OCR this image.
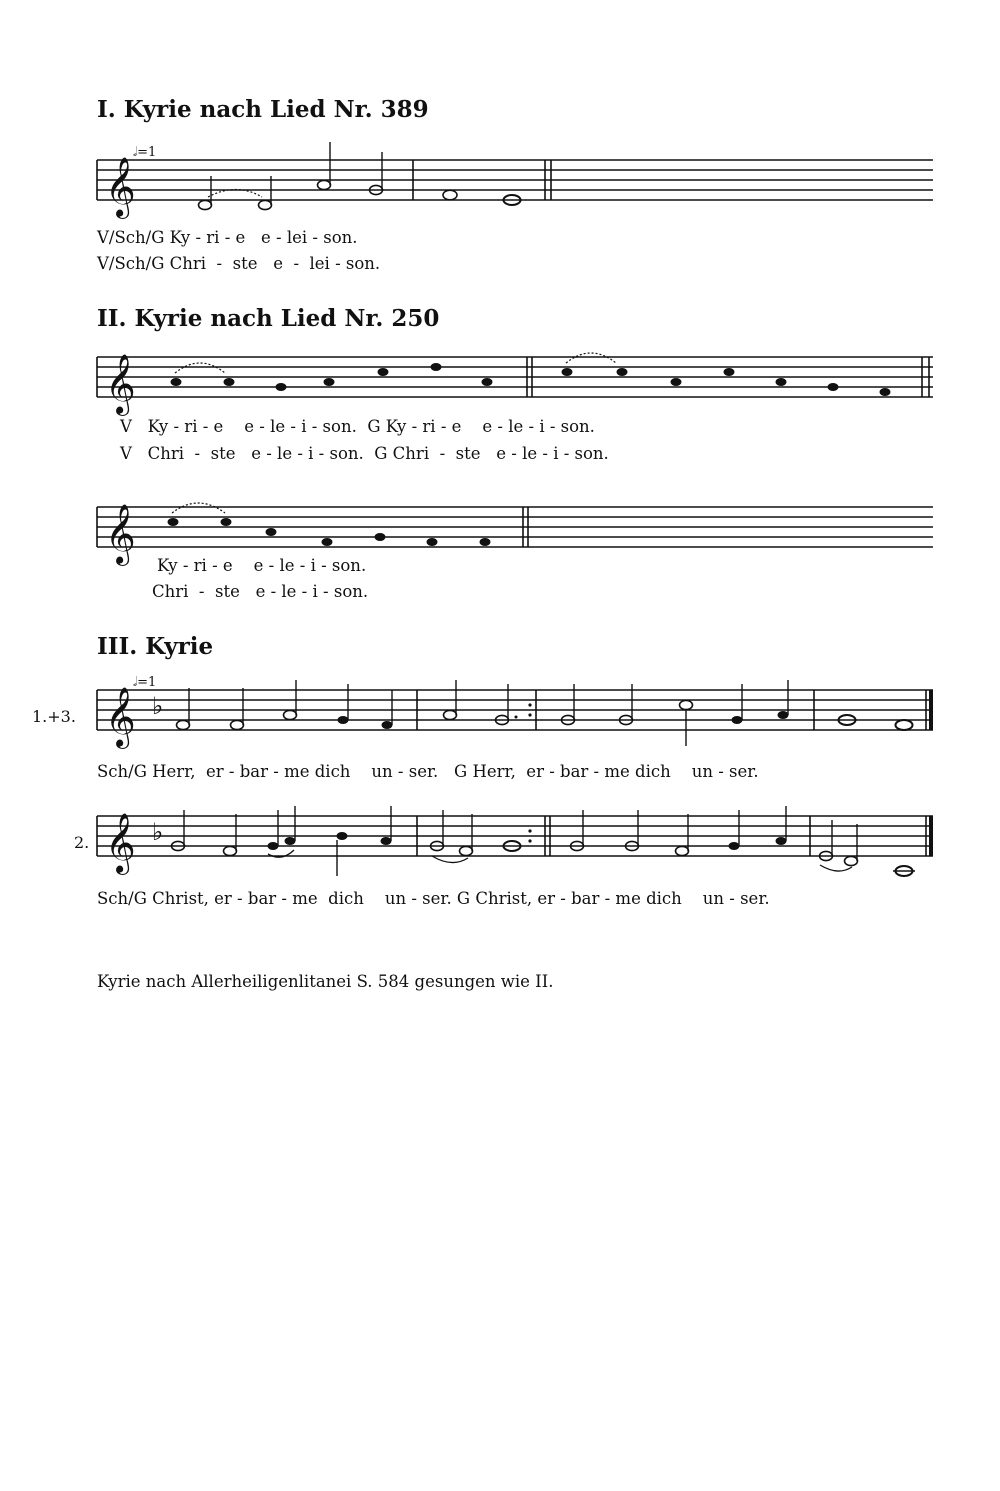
I. Kyrie nach Lied Nr. 389
𝄞
𝅗𝅥=1
V/Sch/G Ky - ri - e   e - lei - son.
V/Sch/G Chri  -  ste   e  -  lei - son.
II. Kyrie nach Lied Nr. 250
𝄞
V   Ky - ri - e    e - le - i - son.  G Ky - ri - e    e - le - i - son.
V   Chri  -  ste   e - le - i - son.  G Chri  -  ste   e - le - i - son.
𝄞
Ky - ri - e    e - le - i - son.
Chri  -  ste   e - le - i - son.
III. Kyrie
1.+3. 𝄞 ♭
𝅗𝅥=1
Sch/G Herr,  er - bar - me dich    un - ser.   G Herr,  er - bar - me dich    un - ser.
2. 𝄞 ♭
Sch/G Christ, er - bar - me  dich    un - ser. G Christ, er - bar - me dich    un - ser.

Kyrie nach Allerheiligenlitanei S. 584 gesungen wie II.
